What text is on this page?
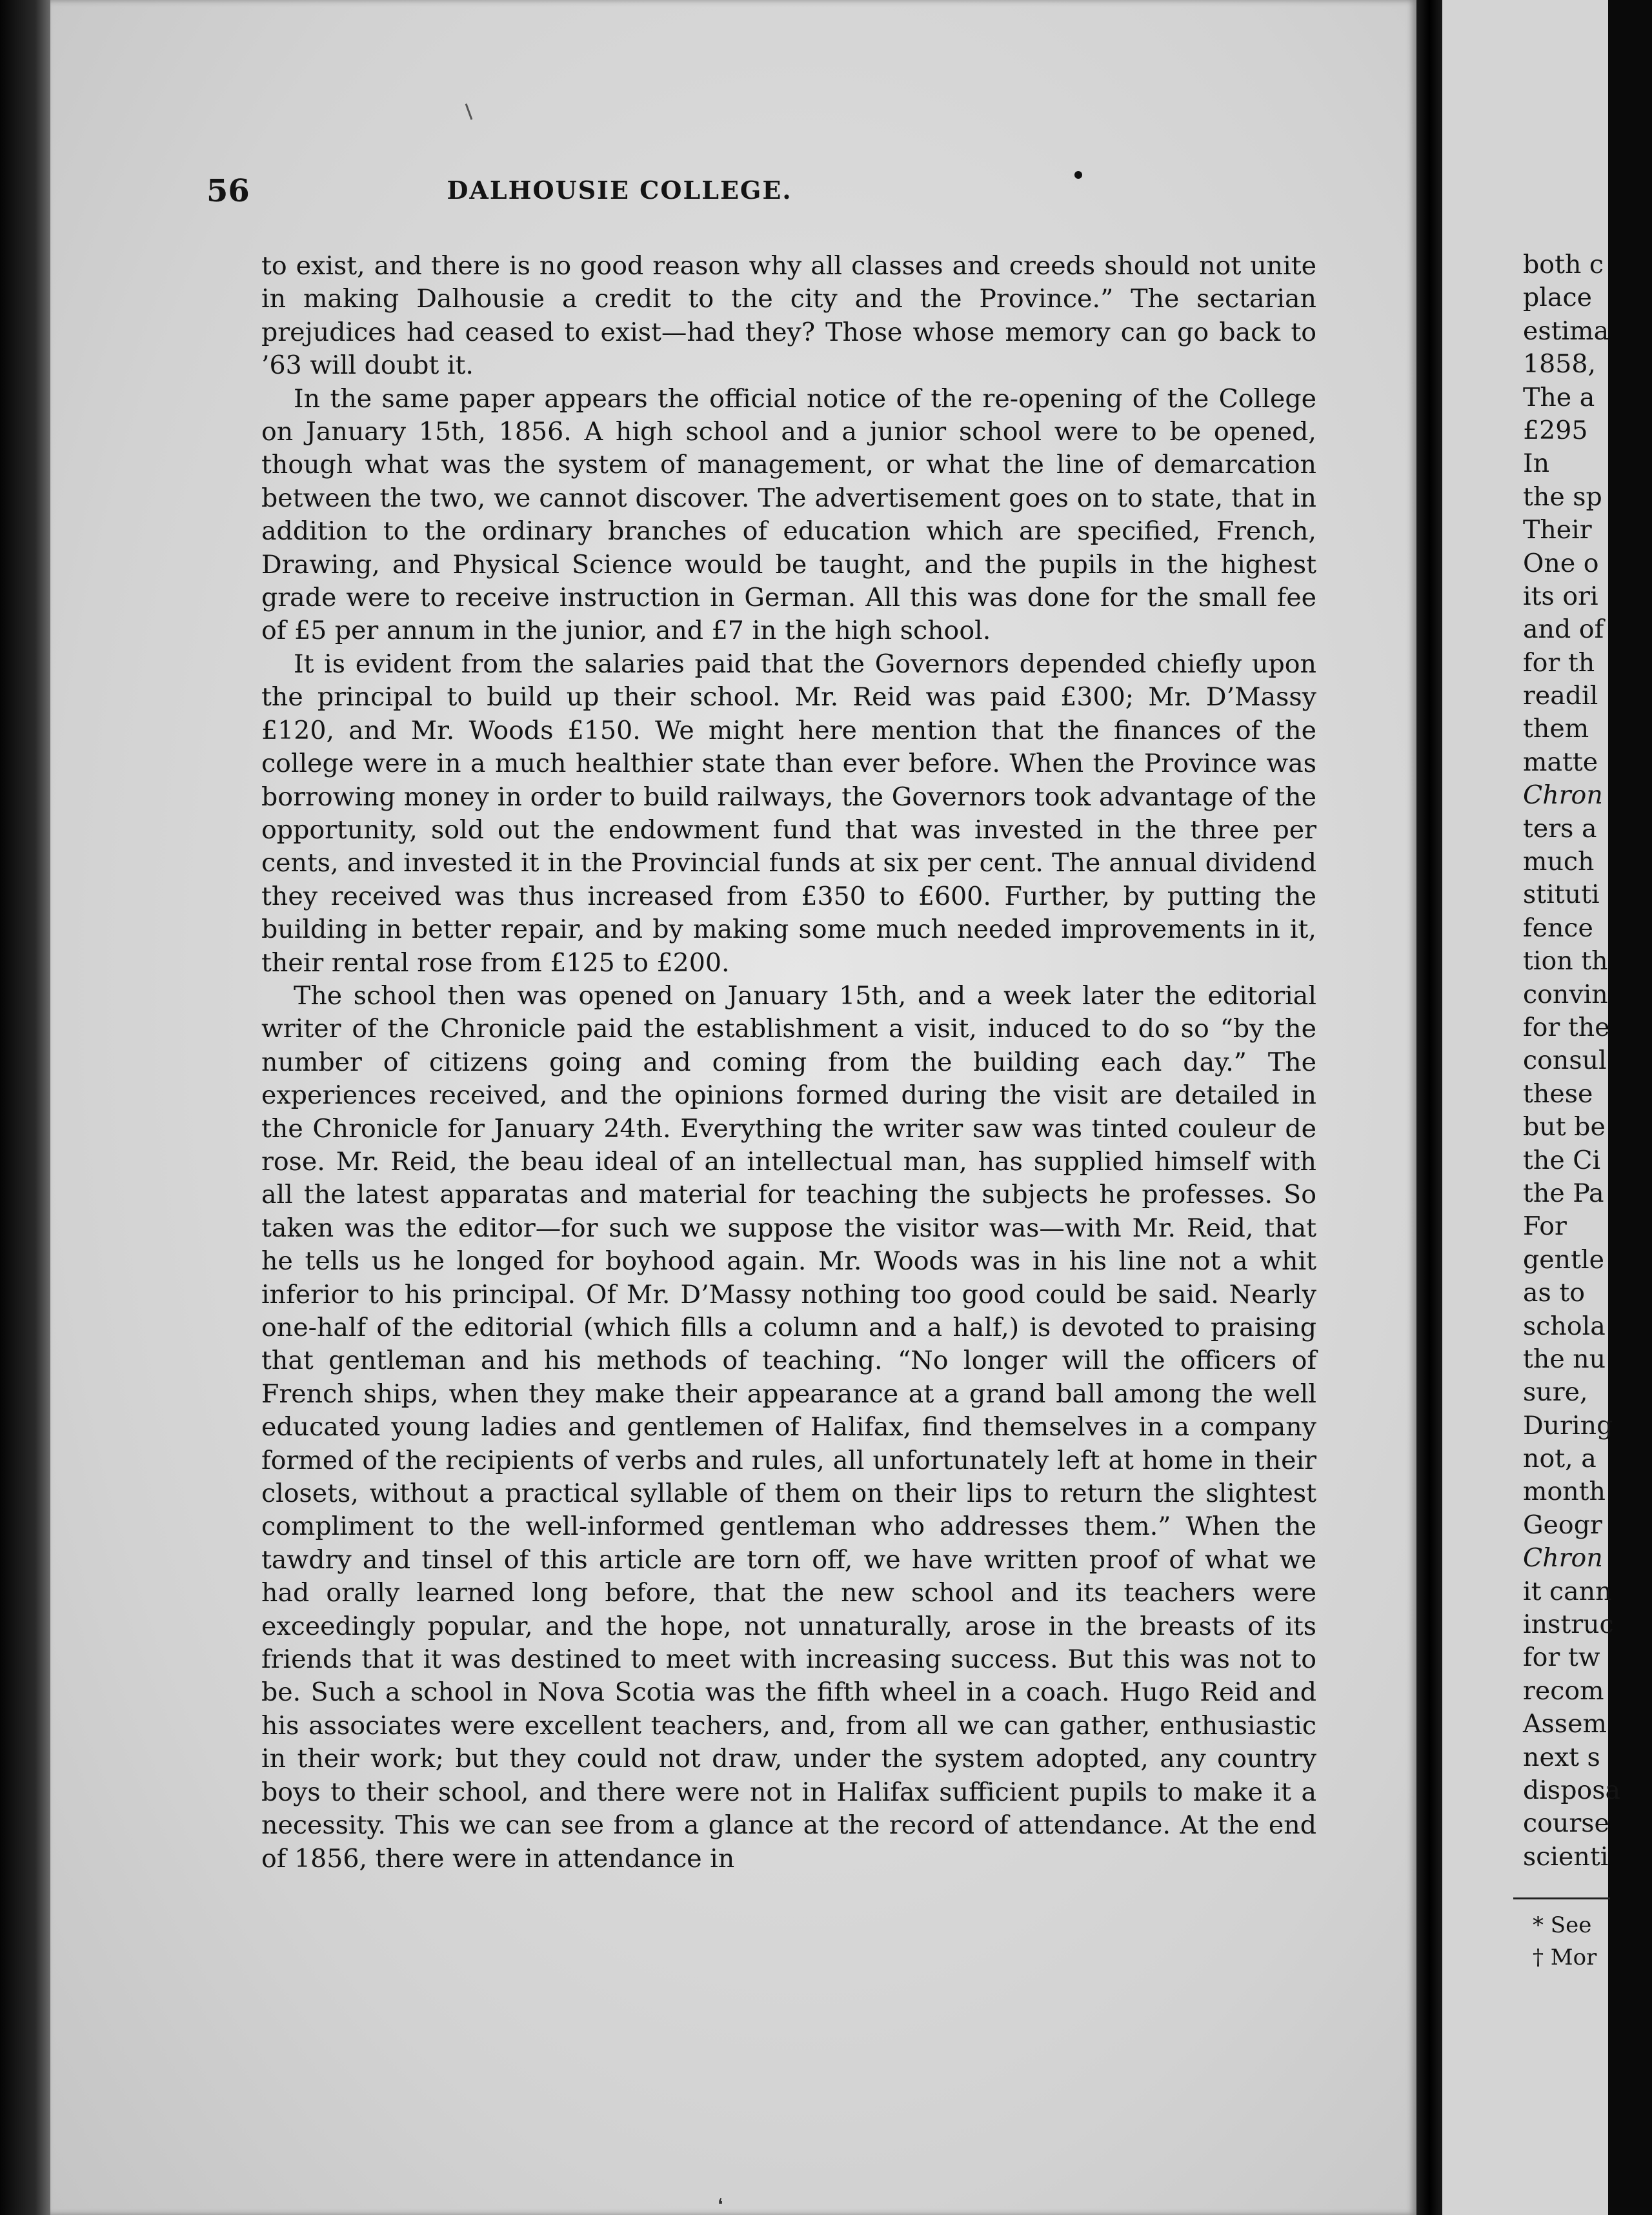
56	DALHOUSIE COLLEGE.

to exist, and there is no good reason why all classes and creeds should not unite in making Dalhousie a credit to the city and the Province.” The sectarian prejudices had ceased to exist—had they? Those whose memory can go back to ’63 will doubt it.

In the same paper appears the official notice of the re-opening of the College on January 15th, 1856. A high school and a junior school were to be opened, though what was the system of management, or what the line of demarcation between the two, we cannot discover. The advertisement goes on to state, that in addition to the ordinary branches of education which are specified, French, Drawing, and Physical Science would be taught, and the pupils in the highest grade were to receive instruction in German. All this was done for the small fee of £5 per annum in the junior, and £7 in the high school.

It is evident from the salaries paid that the Governors depended chiefly upon the principal to build up their school. Mr. Reid was paid £300; Mr. D’Massy £120, and Mr. Woods £150. We might here mention that the finances of the college were in a much healthier state than ever before. When the Province was borrowing money in order to build railways, the Governors took advantage of the opportunity, sold out the endowment fund that was invested in the three per cents, and invested it in the Provincial funds at six per cent. The annual dividend they received was thus increased from £350 to £600. Further, by putting the building in better repair, and by making some much needed improvements in it, their rental rose from £125 to £200.

The school then was opened on January 15th, and a week later the editorial writer of the Chronicle paid the establishment a visit, induced to do so “by the number of citizens going and coming from the building each day.” The experiences received, and the opinions formed during the visit are detailed in the Chronicle for January 24th. Everything the writer saw was tinted couleur de rose. Mr. Reid, the beau ideal of an intellectual man, has supplied himself with all the latest apparatas and material for teaching the subjects he professes. So taken was the editor—for such we suppose the visitor was—with Mr. Reid, that he tells us he longed for boyhood again. Mr. Woods was in his line not a whit inferior to his principal. Of Mr. D’Massy nothing too good could be said. Nearly one-half of the editorial (which fills a column and a half,) is devoted to praising that gentleman and his methods of teaching. “No longer will the officers of French ships, when they make their appearance at a grand ball among the well educated young ladies and gentlemen of Halifax, find themselves in a company formed of the recipients of verbs and rules, all unfortunately left at home in their closets, without a practical syllable of them on their lips to return the slightest compliment to the well-informed gentleman who addresses them.” When the tawdry and tinsel of this article are torn off, we have written proof of what we had orally learned long before, that the new school and its teachers were exceedingly popular, and the hope, not unnaturally, arose in the breasts of its friends that it was destined to meet with increasing success. But this was not to be. Such a school in Nova Scotia was the fifth wheel in a coach. Hugo Reid and his associates were excellent teachers, and, from all we can gather, enthusiastic in their work; but they could not draw, under the system adopted, any country boys to their school, and there were not in Halifax sufficient pupils to make it a necessity. This we can see from a glance at the record of attendance. At the end of 1856, there were in attendance in

both c
place
estima
1858,
The a
£295
In
the sp
Their
One o
its ori
and of
for th
readil
them
matte
Chron
ters a
much
stituti
fence
tion th
convin
for the
consul
these
but be
the Ci
the Pa
For
gentle
as to
schola
the nu
sure,
During
not, a
month
Geogr
Chron
it cann
instruc
for tw
recom
Assem
next s
disposa
course
scienti
* See
† Mor
❛
